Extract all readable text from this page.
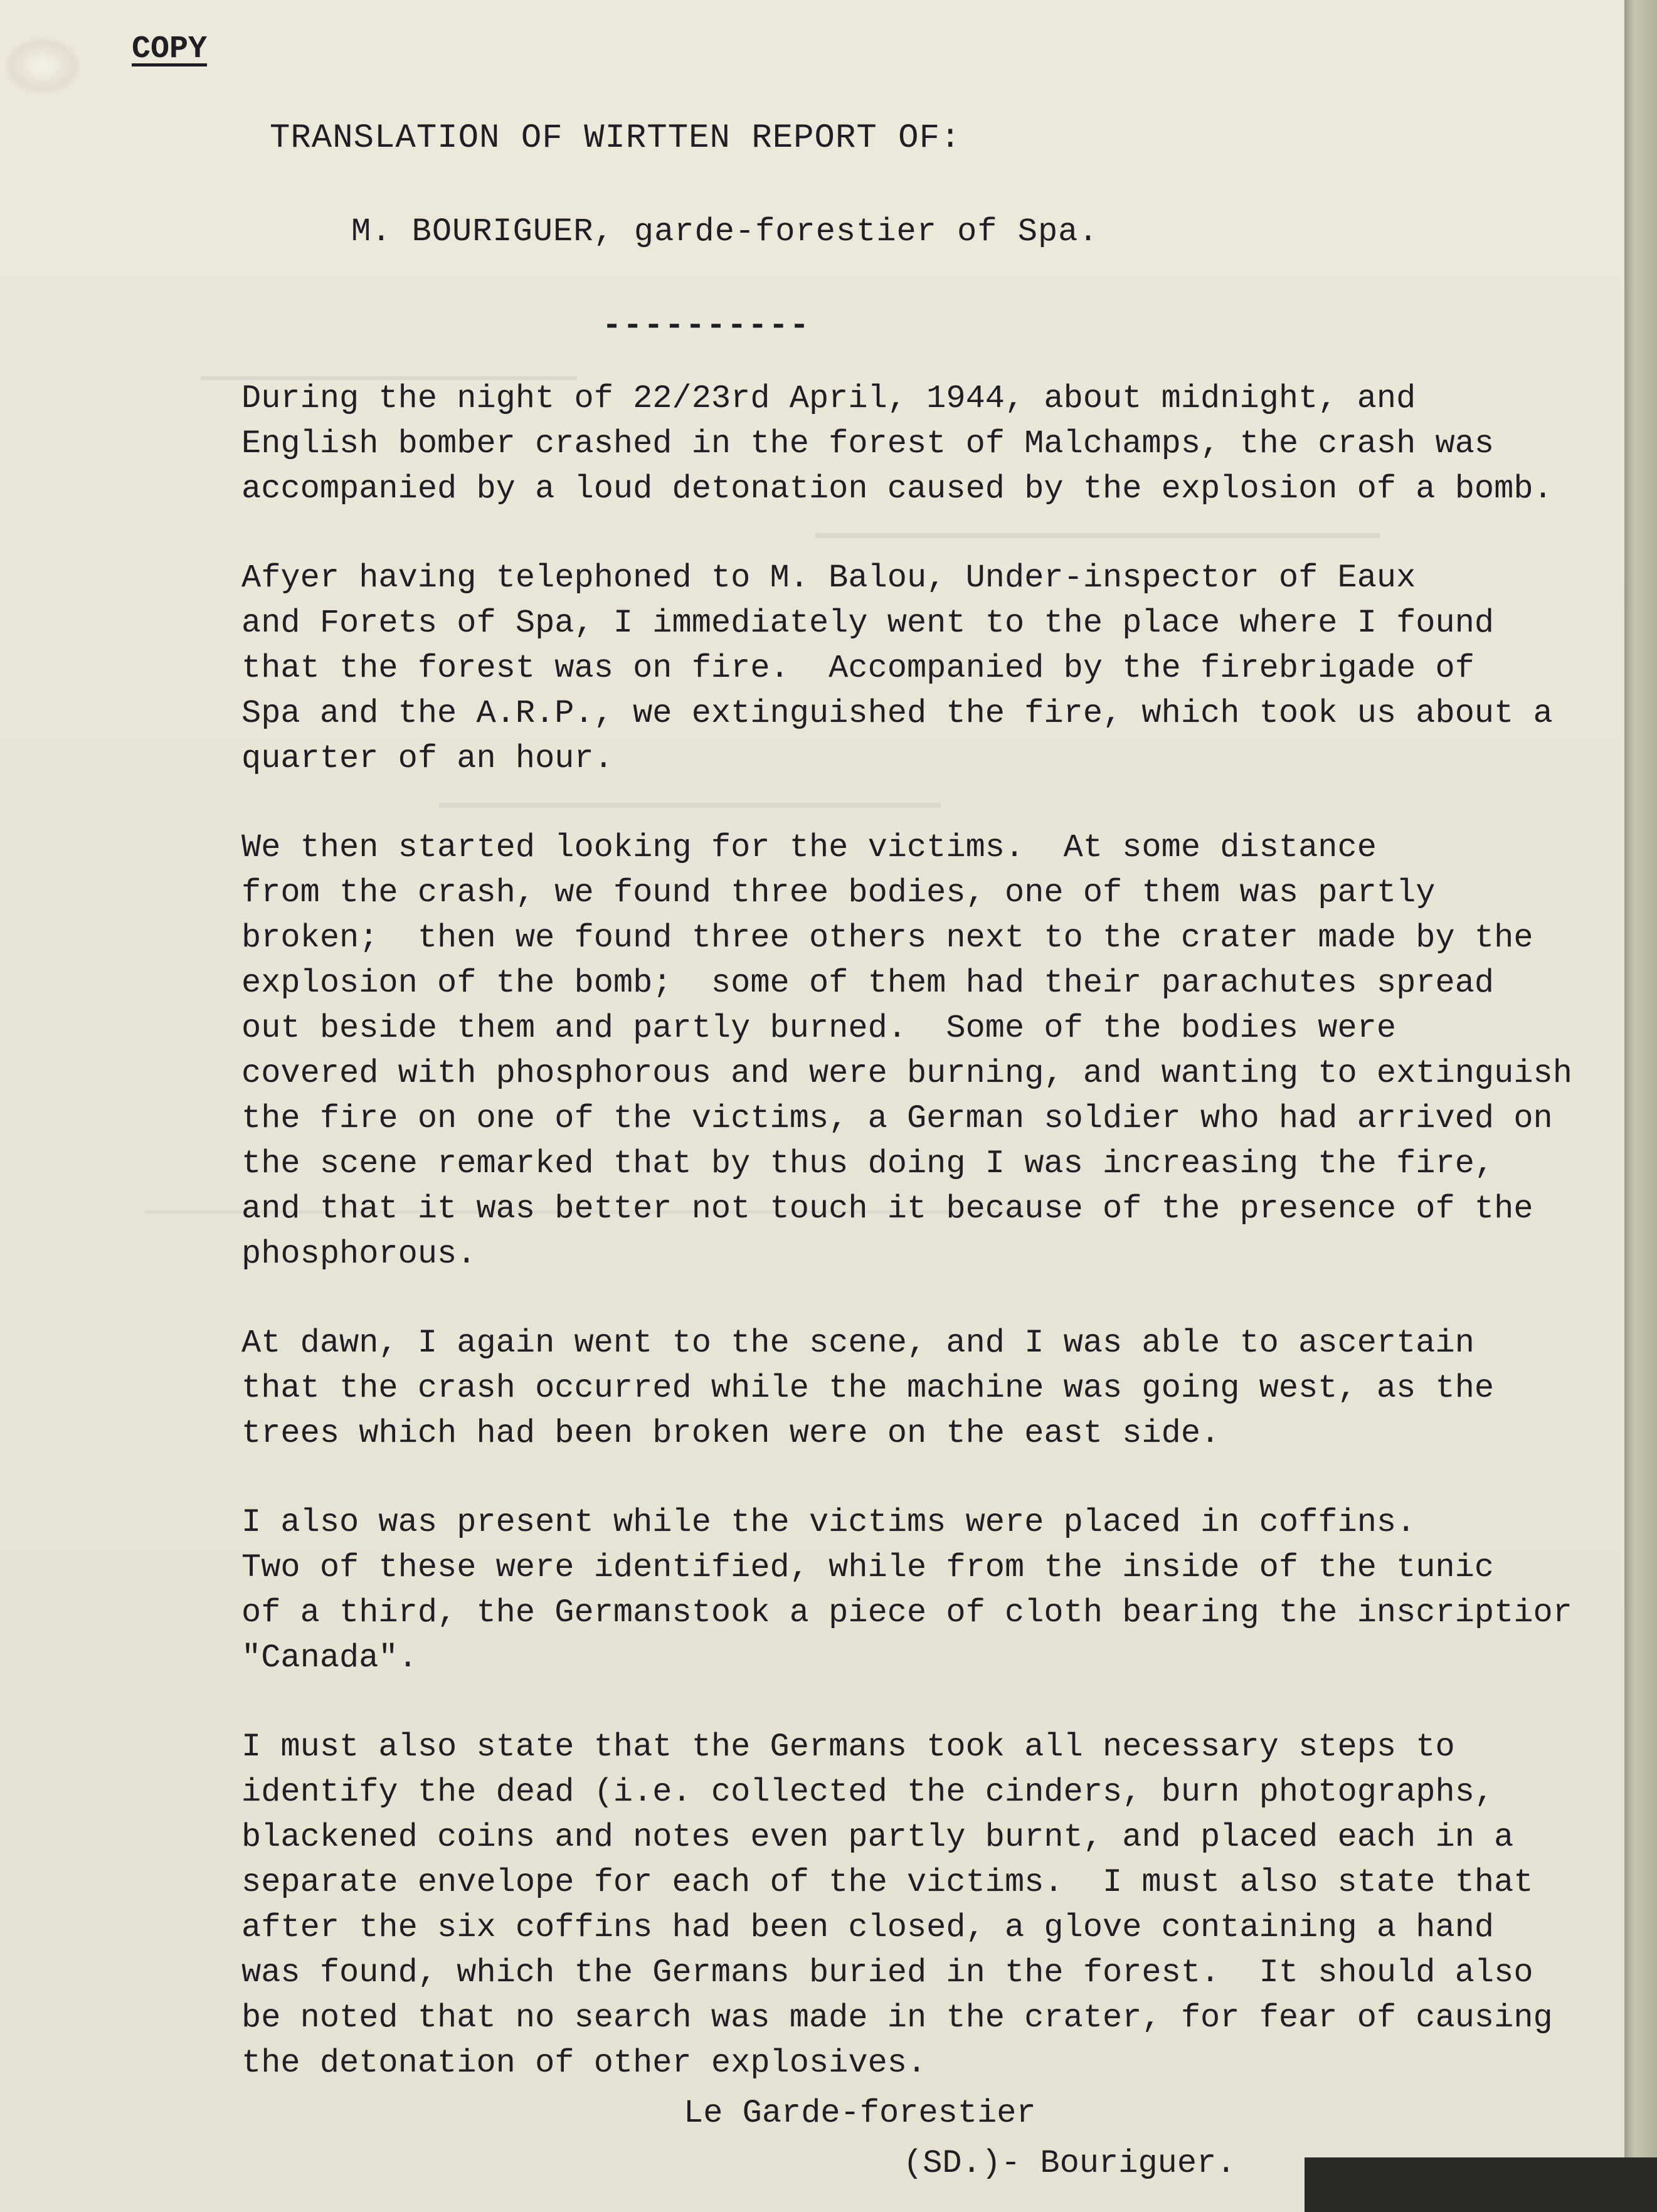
COPY
TRANSLATION OF WIRTTEN REPORT OF:
M. BOURIGUER, garde-forestier of Spa.
----------

During the night of 22/23rd April, 1944, about midnight, and
English bomber crashed in the forest of Malchamps, the crash was
accompanied by a loud detonation caused by the explosion of a bomb.

Afyer having telephoned to M. Balou, Under-inspector of Eaux
and Forets of Spa, I immediately went to the place where I found
that the forest was on fire.  Accompanied by the firebrigade of
Spa and the A.R.P., we extinguished the fire, which took us about a
quarter of an hour.

We then started looking for the victims.  At some distance
from the crash, we found three bodies, one of them was partly
broken;  then we found three others next to the crater made by the
explosion of the bomb;  some of them had their parachutes spread
out beside them and partly burned.  Some of the bodies were
covered with phosphorous and were burning, and wanting to extinguish
the fire on one of the victims, a German soldier who had arrived on
the scene remarked that by thus doing I was increasing the fire,
and that it was better not touch it because of the presence of the
phosphorous.

At dawn, I again went to the scene, and I was able to ascertain
that the crash occurred while the machine was going west, as the
trees which had been broken were on the east side.

I also was present while the victims were placed in coffins.
Two of these were identified, while from the inside of the tunic
of a third, the Germanstook a piece of cloth bearing the inscriptior
"Canada".

I must also state that the Germans took all necessary steps to
identify the dead (i.e. collected the cinders, burn photographs,
blackened coins and notes even partly burnt, and placed each in a
separate envelope for each of the victims.  I must also state that
after the six coffins had been closed, a glove containing a hand
was found, which the Germans buried in the forest.  It should also
be noted that no search was made in the crater, for fear of causing
the detonation of other explosives.

Le Garde-forestier
(SD.)- Bouriguer.
